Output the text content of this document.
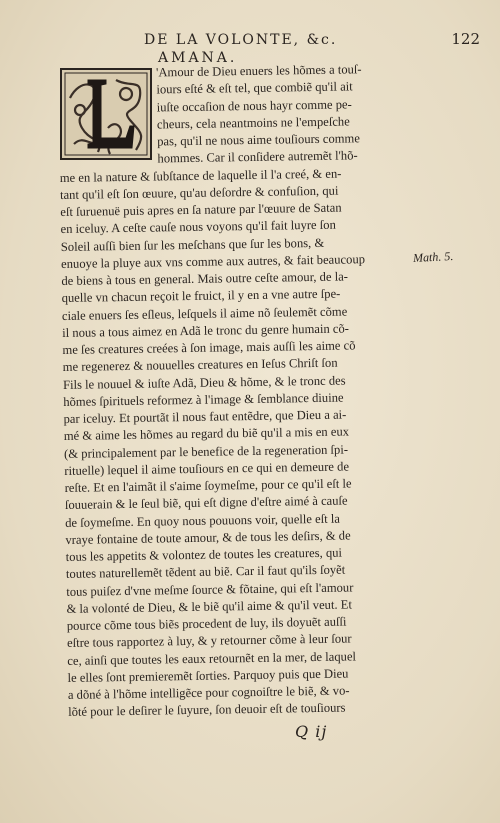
DE LA VOLONTE, &c.	122
AMANA.
'Amour de Dieu enuers les hõmes a touſ-
iours eſté & eſt tel, que combiẽ qu'il ait
iuſte occaſion de nous hayr comme pe-
cheurs, cela neantmoins ne l'empeſche
pas, qu'il ne nous aime touſiours comme
hommes. Car il conſidere autremẽt l'hõ-
me en la nature & ſubſtance de laquelle il l'a creé, & en-
tant qu'il eſt ſon œuure, qu'au deſordre & confuſion, qui
eſt ſuruenuë puis apres en ſa nature par l'œuure de Satan
en iceluy. A ceſte cauſe nous voyons qu'il fait luyre ſon
Soleil auſſi bien ſur les meſchans que ſur les bons, &
enuoye la pluye aux vns comme aux autres, & fait beaucoup
de biens à tous en general. Mais outre ceſte amour, de la-
quelle vn chacun reçoit le fruict, il y en a vne autre ſpe-
ciale enuers ſes eſleus, leſquels il aime nõ ſeulemẽt cõme
il nous a tous aimez en Adã le tronc du genre humain cõ-
me ſes creatures creées à ſon image, mais auſſi les aime cõ
me regenerez & nouuelles creatures en Ieſus Chriſt ſon
Fils le nouuel & iuſte Adã, Dieu & hõme, & le tronc des
hõmes ſpirituels reformez à l'image & ſemblance diuine
par iceluy. Et pourtãt il nous faut entẽdre, que Dieu a ai-
mé & aime les hõmes au regard du biẽ qu'il a mis en eux
(& principalement par le benefice de la regeneration ſpi-
rituelle) lequel il aime touſiours en ce qui en demeure de
reſte. Et en l'aimãt il s'aime ſoymeſme, pour ce qu'il eſt le
ſouuerain & le ſeul biẽ, qui eſt digne d'eſtre aimé à cauſe
de ſoymeſme. En quoy nous pouuons voir, quelle eſt la
vraye fontaine de toute amour, & de tous les deſirs, & de
tous les appetits & volontez de toutes les creatures, qui
toutes naturellemẽt tẽdent au biẽ. Car il faut qu'ils ſoyẽt
tous puiſez d'vne meſme ſource & fõtaine, qui eſt l'amour
& la volonté de Dieu, & le biẽ qu'il aime & qu'il veut. Et
pource cõme tous biẽs procedent de luy, ils doyuẽt auſſi
eſtre tous rapportez à luy, & y retourner cõme à leur ſour
ce, ainſi que toutes les eaux retournẽt en la mer, de laquel
le elles ſont premieremẽt ſorties. Parquoy puis que Dieu
a dõné à l'hõme intelligẽce pour cognoiſtre le biẽ, & vo-
lõté pour le deſirer le ſuyure, ſon deuoir eſt de touſiours
Math. 5.
Q ij
